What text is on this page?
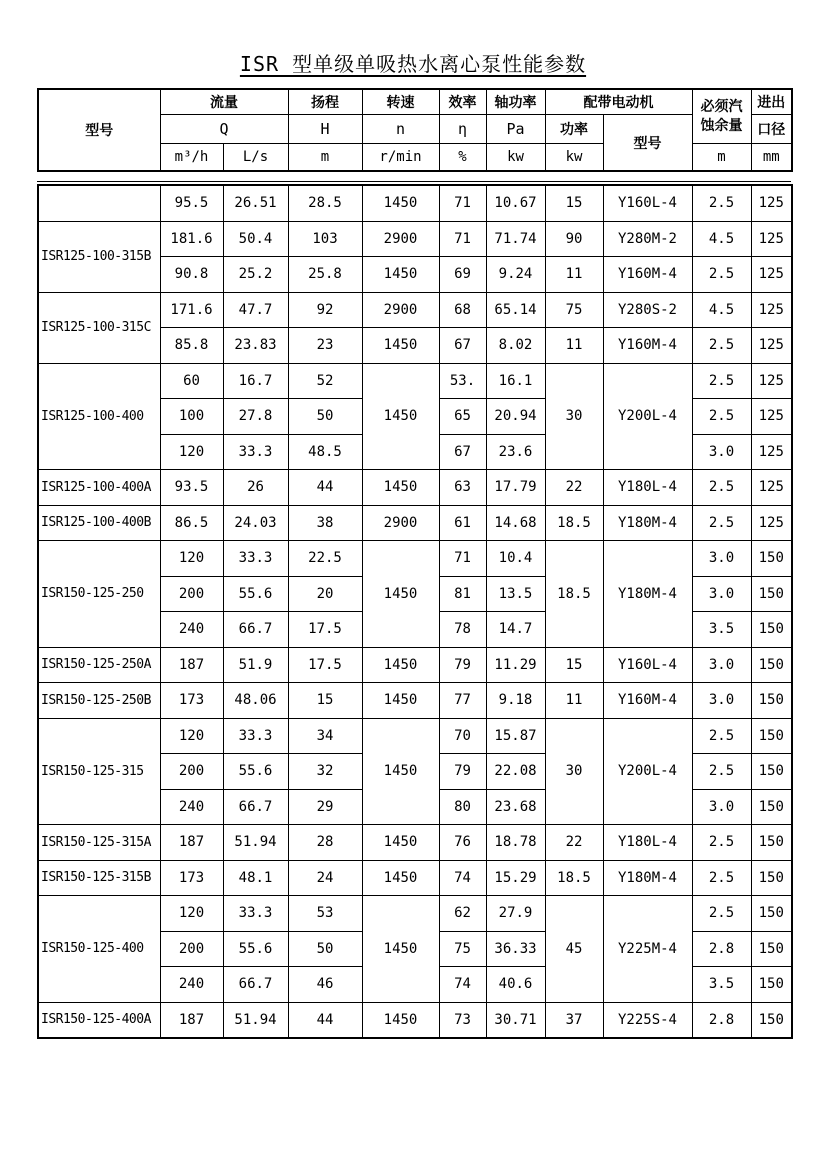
ISR 型单级单吸热水离心泵性能参数
型号	流量		扬程	转速	效率	轴功率	配带电动机		必须汽
蚀余量	进出
	Q		H	n	η	Pa	功率	型号		口径
	m³/h	L/s	m	r/min	%	kw	kw		m	mm
	95.5	26.51	28.5	1450	71	10.67	15	Y160L-4	2.5	125
ISR125-100-315B	181.6	50.4	103	2900	71	71.74	90	Y280M-2	4.5	125
	90.8	25.2	25.8	1450	69	9.24	11	Y160M-4	2.5	125
ISR125-100-315C	171.6	47.7	92	2900	68	65.14	75	Y280S-2	4.5	125
	85.8	23.83	23	1450	67	8.02	11	Y160M-4	2.5	125
ISR125-100-400	60	16.7	52	1450	53.	16.1	30	Y200L-4	2.5	125
	100	27.8	50		65	20.94			2.5	125
	120	33.3	48.5		67	23.6			3.0	125
ISR125-100-400A	93.5	26	44	1450	63	17.79	22	Y180L-4	2.5	125
ISR125-100-400B	86.5	24.03	38	2900	61	14.68	18.5	Y180M-4	2.5	125
ISR150-125-250	120	33.3	22.5	1450	71	10.4	18.5	Y180M-4	3.0	150
	200	55.6	20		81	13.5			3.0	150
	240	66.7	17.5		78	14.7			3.5	150
ISR150-125-250A	187	51.9	17.5	1450	79	11.29	15	Y160L-4	3.0	150
ISR150-125-250B	173	48.06	15	1450	77	9.18	11	Y160M-4	3.0	150
ISR150-125-315	120	33.3	34	1450	70	15.87	30	Y200L-4	2.5	150
	200	55.6	32		79	22.08			2.5	150
	240	66.7	29		80	23.68			3.0	150
ISR150-125-315A	187	51.94	28	1450	76	18.78	22	Y180L-4	2.5	150
ISR150-125-315B	173	48.1	24	1450	74	15.29	18.5	Y180M-4	2.5	150
ISR150-125-400	120	33.3	53	1450	62	27.9	45	Y225M-4	2.5	150
	200	55.6	50		75	36.33			2.8	150
	240	66.7	46		74	40.6			3.5	150
ISR150-125-400A	187	51.94	44	1450	73	30.71	37	Y225S-4	2.8	150
